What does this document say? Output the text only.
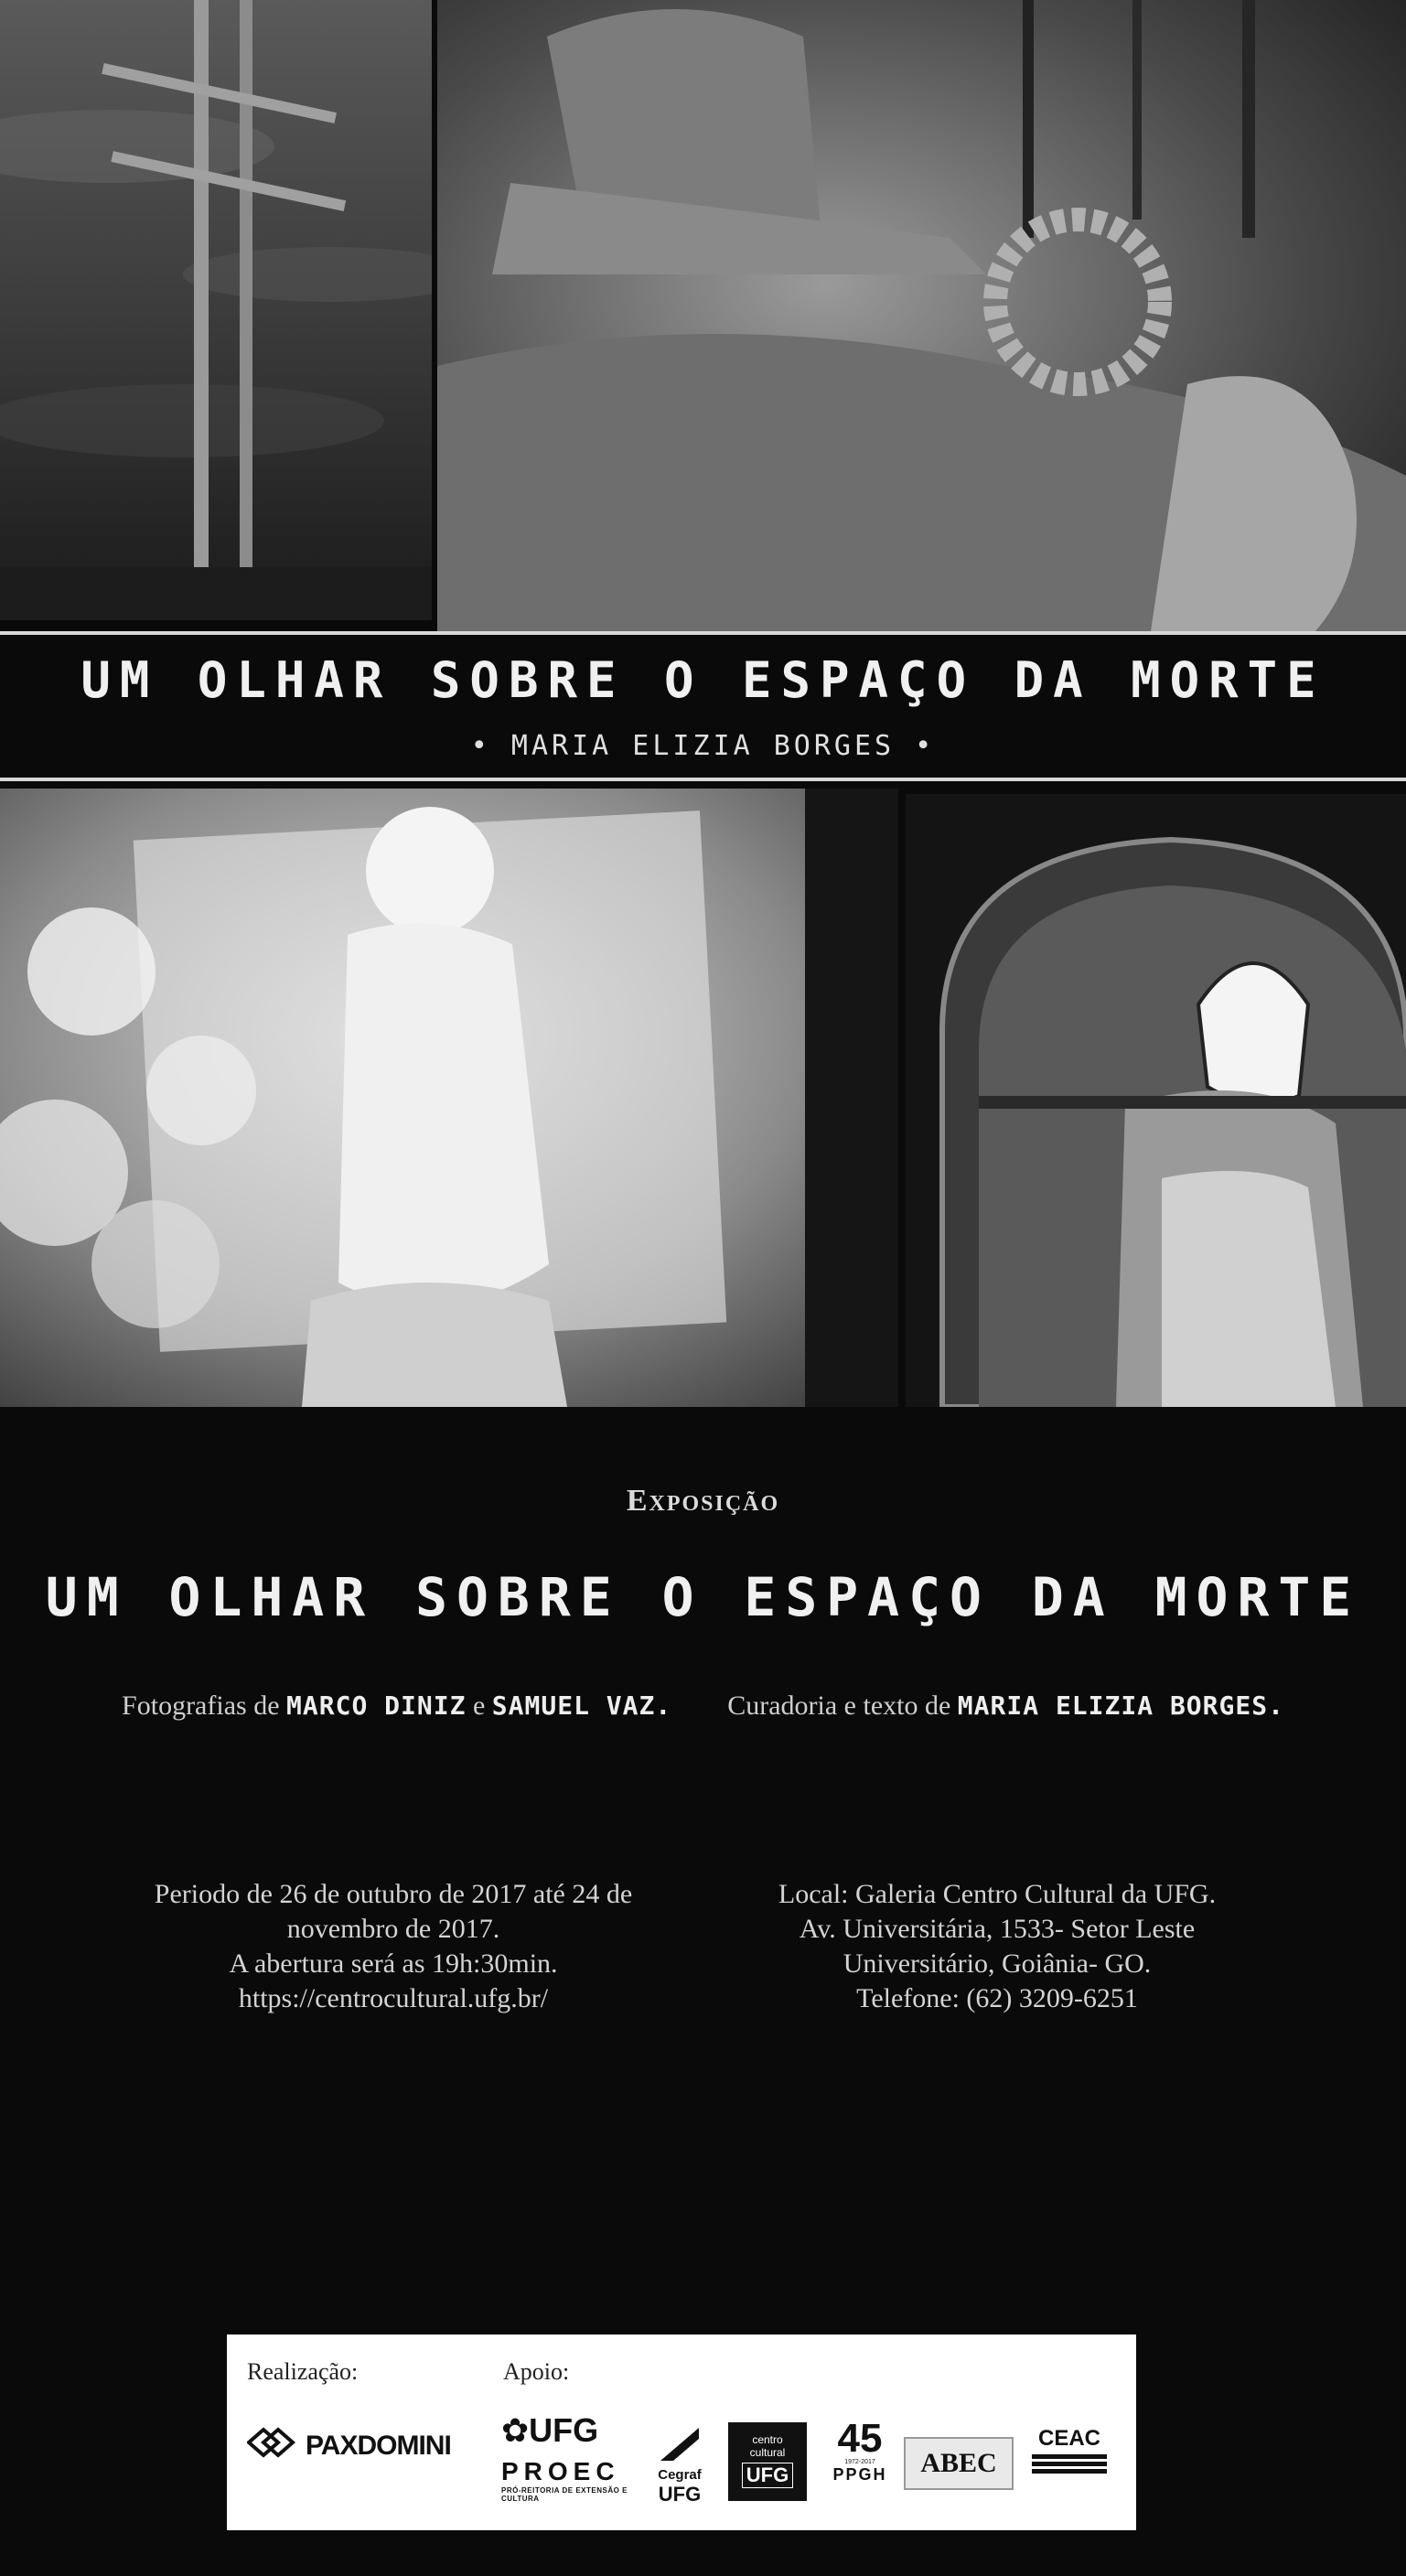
UM OLHAR SOBRE O ESPAÇO DA MORTE
• MARIA ELIZIA BORGES •
Exposição
UM OLHAR SOBRE O ESPAÇO DA MORTE
Fotografias de MARCO DINIZ e SAMUEL VAZ. Curadoria e texto de MARIA ELIZIA BORGES.
Periodo de 26 de outubro de 2017 até 24 de
novembro de 2017.
A abertura será as 19h:30min.
https://centrocultural.ufg.br/
Local: Galeria Centro Cultural da UFG.
Av. Universitária, 1533- Setor Leste
Universitário, Goiânia- GO.
Telefone: (62) 3209-6251
Realização:	Apoio:
PAXDOMINI ✿UFG
PROEC
PRÓ-REITORIA DE EXTENSÃO E CULTURA
Cegraf
UFG
centro
cultural
UFG
45
1972-2017
PPGH ABEC
CEAC
